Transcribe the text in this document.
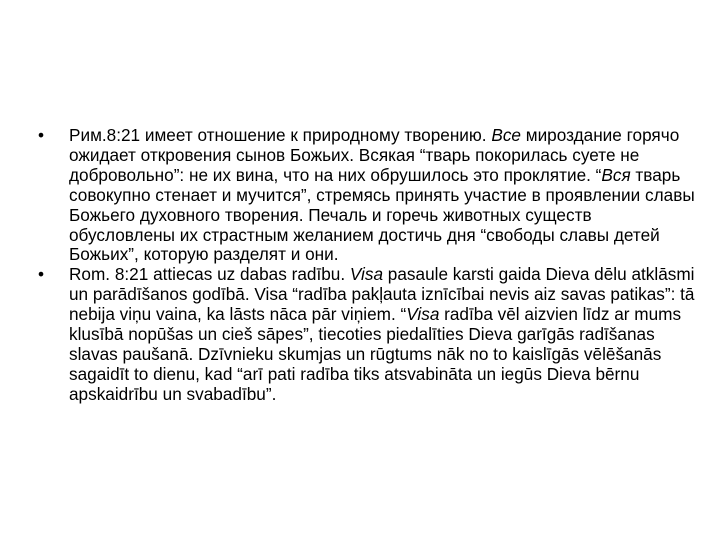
•	Рим.8:21 имеет отношение к природному творению. Все мироздание горячо ожидает откровения сынов Божьих. Всякая “тварь покорилась суете не добровольно”: не их вина, что на них обрушилось это проклятие. “Вся тварь совокупно стенает и мучится”, стремясь принять участие в проявлении славы Божьего духовного творения. Печаль и горечь животных существ обусловлены их страстным желанием достичь дня “свободы славы детей Божьих”, которую разделят и они.
•	Rom. 8:21 attiecas uz dabas radību. Visa pasaule karsti gaida Dieva dēlu atklāsmi un parādīšanos godībā. Visa “radība pakļauta iznīcībai nevis aiz savas patikas”: tā nebija viņu vaina, ka lāsts nāca pār viņiem. “Visa radība vēl aizvien līdz ar mums klusībā nopūšas un cieš sāpes”, tiecoties piedalīties Dieva garīgās radīšanas slavas paušanā. Dzīvnieku skumjas un rūgtums nāk no to kaislīgās vēlēšanās sagaidīt to dienu, kad “arī pati radība tiks atsvabināta un iegūs Dieva bērnu apskaidrību un svabadību”.
